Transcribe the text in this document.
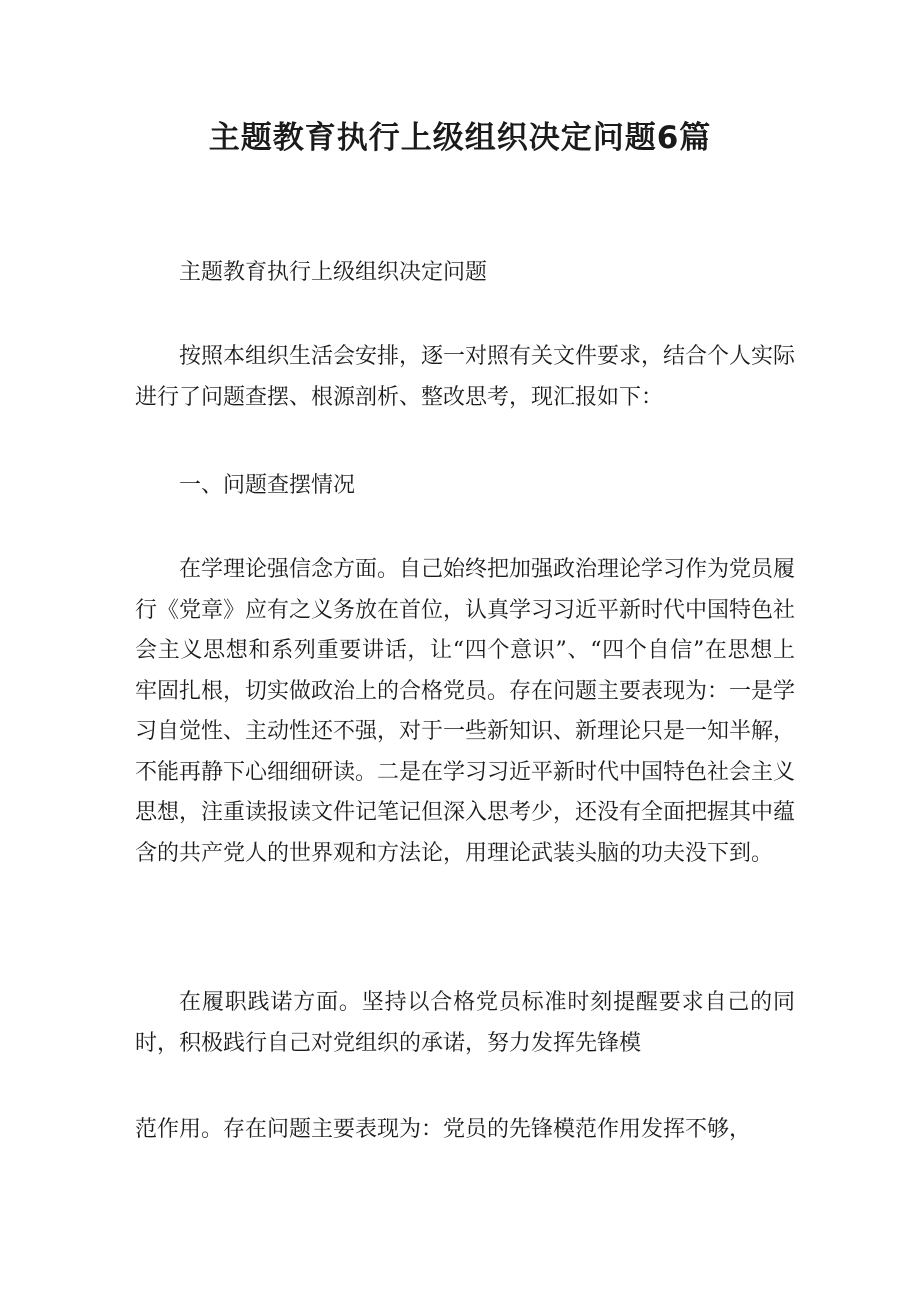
主题教育执行上级组织决定问题6篇

主题教育执行上级组织决定问题

按照本组织生活会安排，逐一对照有关文件要求，结合个人实际进行了问题查摆、根源剖析、整改思考，现汇报如下：

一、问题查摆情况

在学理论强信念方面。自己始终把加强政治理论学习作为党员履行《党章》应有之义务放在首位，认真学习习近平新时代中国特色社会主义思想和系列重要讲话，让“四个意识”、“四个自信”在思想上牢固扎根，切实做政治上的合格党员。存在问题主要表现为：一是学习自觉性、主动性还不强，对于一些新知识、新理论只是一知半解，不能再静下心细细研读。二是在学习习近平新时代中国特色社会主义思想，注重读报读文件记笔记但深入思考少，还没有全面把握其中蕴含的共产党人的世界观和方法论，用理论武装头脑的功夫没下到。

在履职践诺方面。坚持以合格党员标准时刻提醒要求自己的同时，积极践行自己对党组织的承诺，努力发挥先锋模

范作用。存在问题主要表现为：党员的先锋模范作用发挥不够，
